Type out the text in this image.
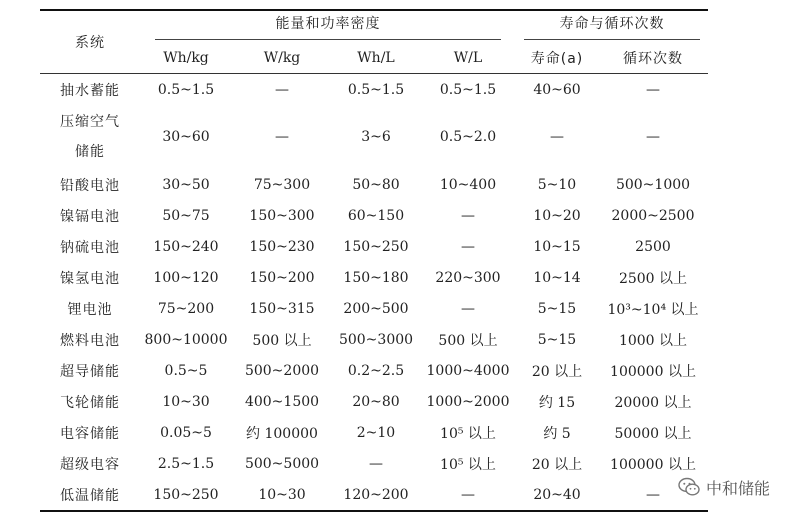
系统	能量和功率密度				寿命与循环次数	
	Wh/kg	W/kg	Wh/L	W/L	寿命(a)	循环次数
抽水蓄能	0.5~1.5	—	0.5~1.5	0.5~1.5	40~60	—
压缩空气储能	30~60	—	3~6	0.5~2.0	—	—
铅酸电池	30~50	75~300	50~80	10~400	5~10	500~1000
镍镉电池	50~75	150~300	60~150	—	10~20	2000~2500
钠硫电池	150~240	150~230	150~250	—	10~15	2500
镍氢电池	100~120	150~200	150~180	220~300	10~14	2500 以上
锂电池	75~200	150~315	200~500	—	5~15	10³~10⁴ 以上
燃料电池	800~10000	500 以上	500~3000	500 以上	5~15	1000 以上
超导储能	0.5~5	500~2000	0.2~2.5	1000~4000	20 以上	100000 以上
飞轮储能	10~30	400~1500	20~80	1000~2000	约 15	20000 以上
电容储能	0.05~5	约 100000	2~10	10⁵ 以上	约 5	50000 以上
超级电容	2.5~1.5	500~5000	—	10⁵ 以上	20 以上	100000 以上
低温储能	150~250	10~30	120~200	—	20~40	—	中和储能
